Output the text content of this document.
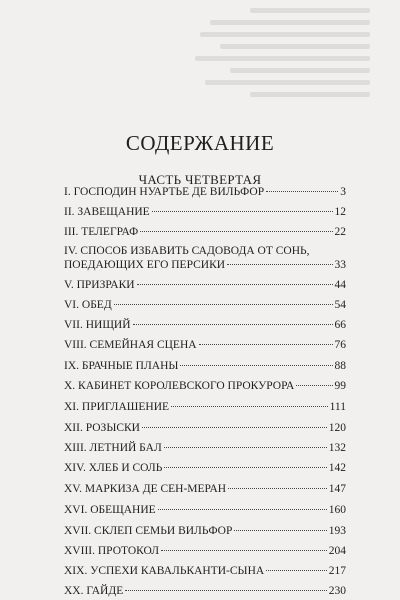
СОДЕРЖАНИЕ
ЧАСТЬ ЧЕТВЕРТАЯ
I. ГОСПОДИН НУАРТЬЕ ДЕ ВИЛЬФОР	3
II. ЗАВЕЩАНИЕ	12
III. ТЕЛЕГРАФ	22
IV. СПОСОБ ИЗБАВИТЬ САДОВОДА ОТ СОНЬ,
ПОЕДАЮЩИХ ЕГО ПЕРСИКИ	33
V. ПРИЗРАКИ	44
VI. ОБЕД	54
VII. НИЩИЙ	66
VIII. СЕМЕЙНАЯ СЦЕНА	76
IX. БРАЧНЫЕ ПЛАНЫ	88
X. КАБИНЕТ КОРОЛЕВСКОГО ПРОКУРОРА	99
XI. ПРИГЛАШЕНИЕ	111
XII. РОЗЫСКИ	120
XIII. ЛЕТНИЙ БАЛ	132
XIV. ХЛЕБ И СОЛЬ	142
XV. МАРКИЗА ДЕ СЕН-МЕРАН	147
XVI. ОБЕЩАНИЕ	160
XVII. СКЛЕП СЕМЬИ ВИЛЬФОР	193
XVIII. ПРОТОКОЛ	204
XIX. УСПЕХИ КАВАЛЬКАНТИ-СЫНА	217
XX. ГАЙДЕ	230
